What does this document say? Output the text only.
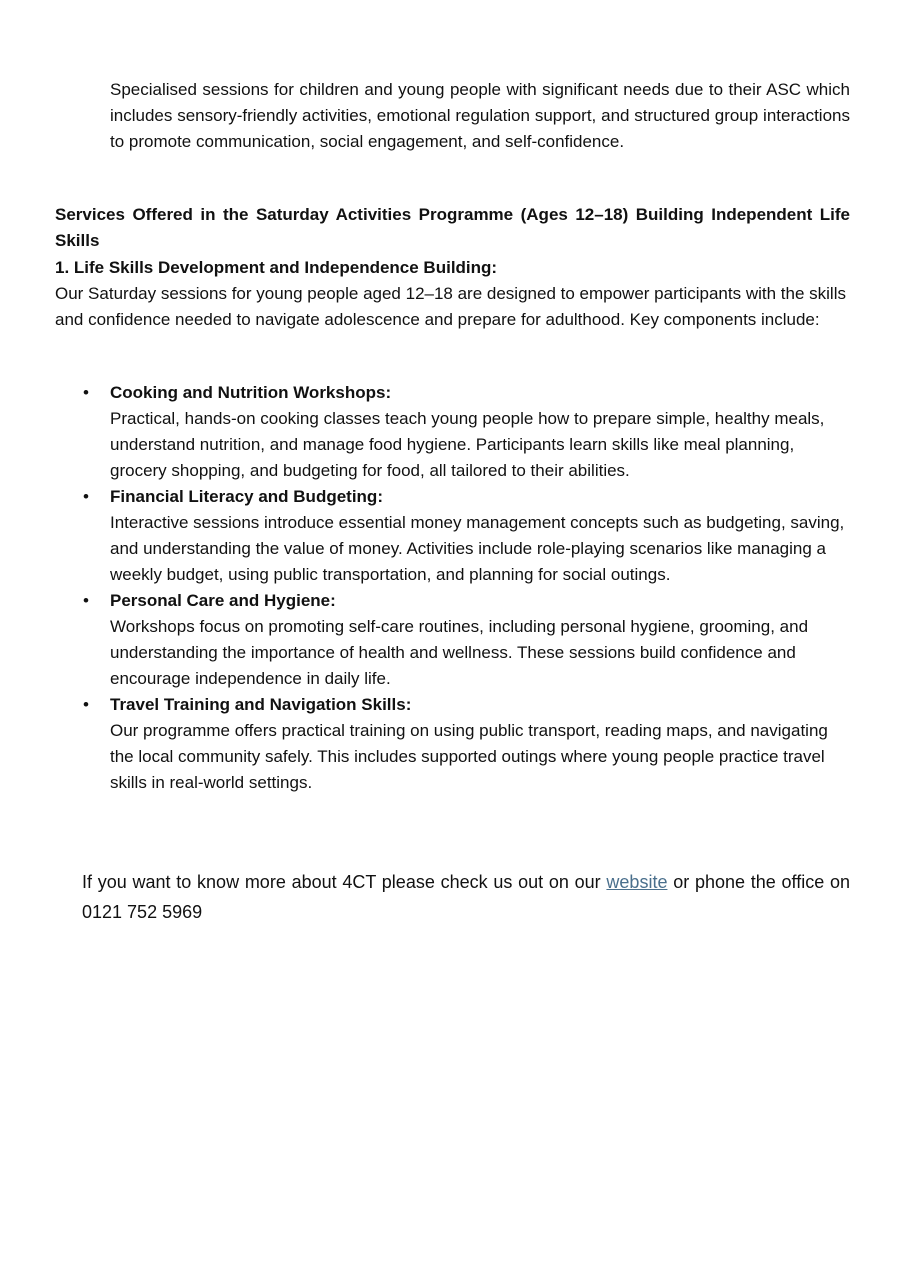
Specialised sessions for children and young people with significant needs due to their ASC which includes sensory-friendly activities, emotional regulation support, and structured group interactions to promote communication, social engagement, and self-confidence.
Services Offered in the Saturday Activities Programme (Ages 12–18) Building Independent Life Skills
1. Life Skills Development and Independence Building:
Our Saturday sessions for young people aged 12–18 are designed to empower participants with the skills and confidence needed to navigate adolescence and prepare for adulthood. Key components include:
• Cooking and Nutrition Workshops:
Practical, hands-on cooking classes teach young people how to prepare simple, healthy meals, understand nutrition, and manage food hygiene. Participants learn skills like meal planning, grocery shopping, and budgeting for food, all tailored to their abilities.
• Financial Literacy and Budgeting:
Interactive sessions introduce essential money management concepts such as budgeting, saving, and understanding the value of money. Activities include role-playing scenarios like managing a weekly budget, using public transportation, and planning for social outings.
• Personal Care and Hygiene:
Workshops focus on promoting self-care routines, including personal hygiene, grooming, and understanding the importance of health and wellness. These sessions build confidence and encourage independence in daily life.
• Travel Training and Navigation Skills:
Our programme offers practical training on using public transport, reading maps, and navigating the local community safely. This includes supported outings where young people practice travel skills in real-world settings.
If you want to know more about 4CT please check us out on our website or phone the office on 0121 752 5969
